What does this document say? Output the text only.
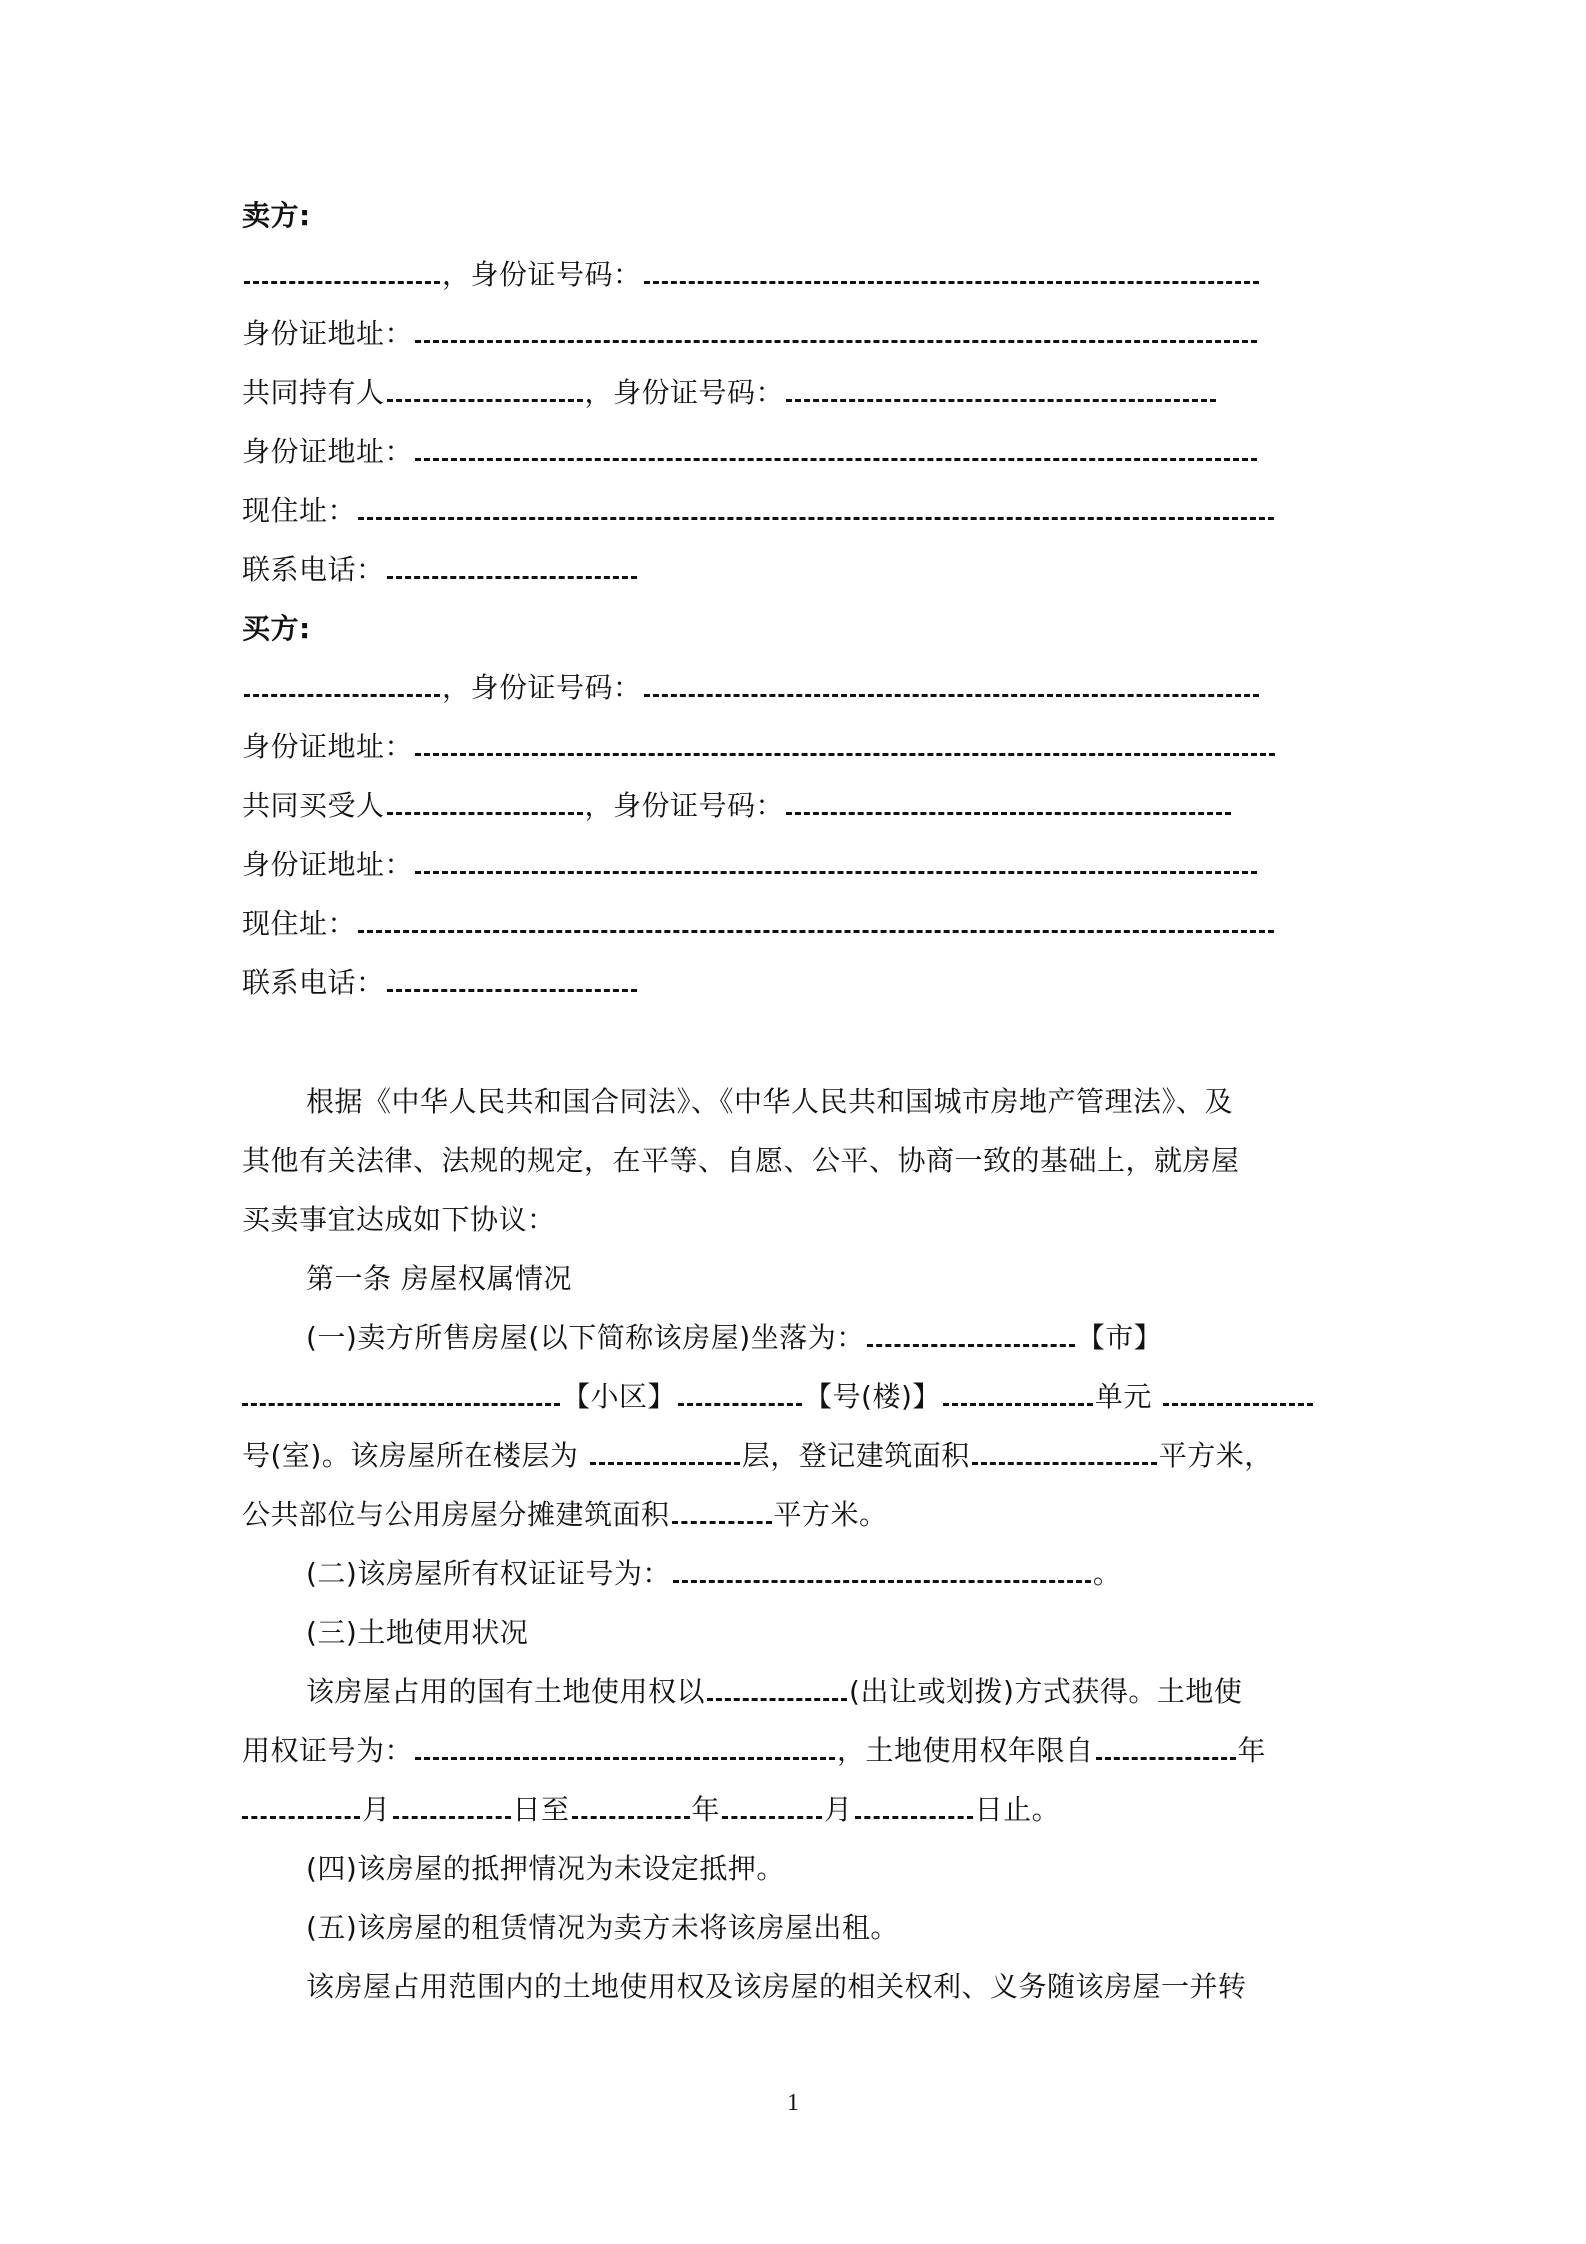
卖方:
，身份证号码：
身份证地址：
共同持有人	，身份证号码：
身份证地址：
现住址：
联系电话：
买方:
，身份证号码：
身份证地址：
共同买受人	，身份证号码：
身份证地址：
现住址：
联系电话：
根据《中华人民共和国合同法》、《中华人民共和国城市房地产管理法》、及
其他有关法律、法规的规定，在平等、自愿、公平、协商一致的基础上，就房屋
买卖事宜达成如下协议：
第一条 房屋权属情况
(一)卖方所售房屋(以下简称该房屋)坐落为：	【市】
【小区】	【号(楼)】	单元
号(室)。该房屋所在楼层为	层，登记建筑面积	平方米，
公共部位与公用房屋分摊建筑面积	平方米。
(二)该房屋所有权证证号为：	。
(三)土地使用状况
该房屋占用的国有土地使用权以	(出让或划拨)方式获得。土地使
用权证号为：	，土地使用权年限自	年
月	日至	年	月	日止。
(四)该房屋的抵押情况为未设定抵押。
(五)该房屋的租赁情况为卖方未将该房屋出租。
该房屋占用范围内的土地使用权及该房屋的相关权利、义务随该房屋一并转
1
